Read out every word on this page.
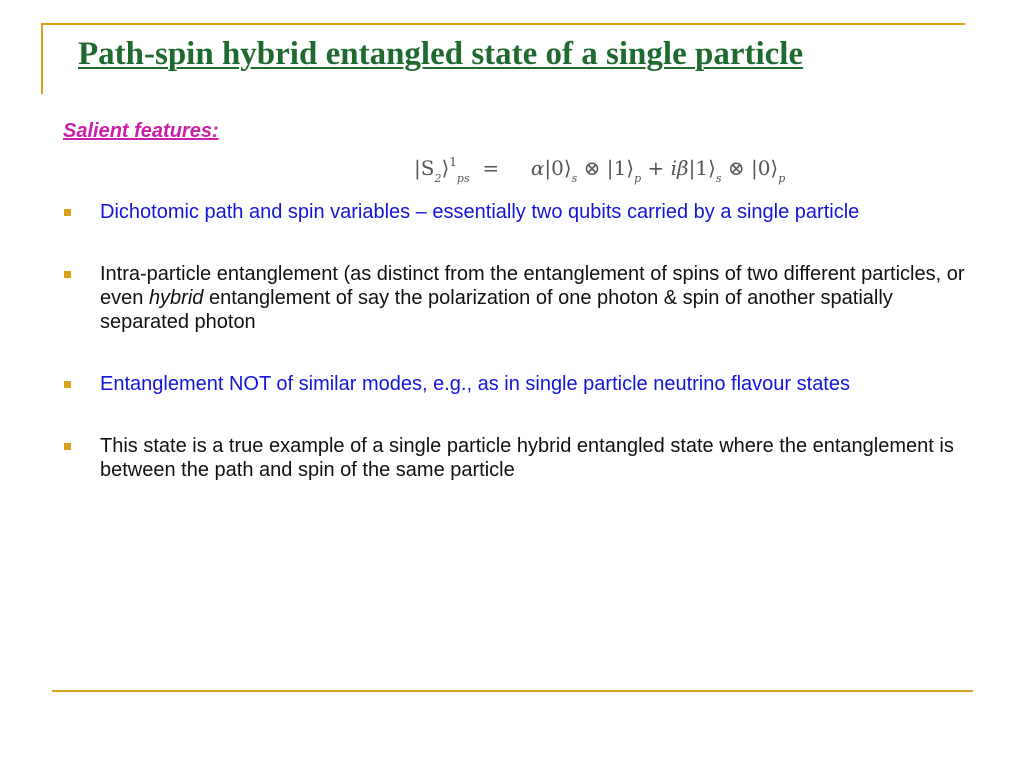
Path-spin hybrid entangled state of a single particle
Salient features:
$|S_2⟩^1_{ps}$ = $\alpha|0⟩_s$ ⊗ $|1⟩_p$ + $i\beta|1⟩_s$ ⊗ $|0⟩_p$
Dichotomic path and spin variables – essentially two qubits carried by a single particle
Intra-particle entanglement (as distinct from the entanglement of spins of two different particles, or even hybrid entanglement of say the polarization of one photon & spin of another spatially separated photon
Entanglement NOT of similar modes, e.g., as in single particle neutrino flavour states
This state is a true example of a single particle hybrid entangled state where the entanglement is between the path and spin of the same particle
